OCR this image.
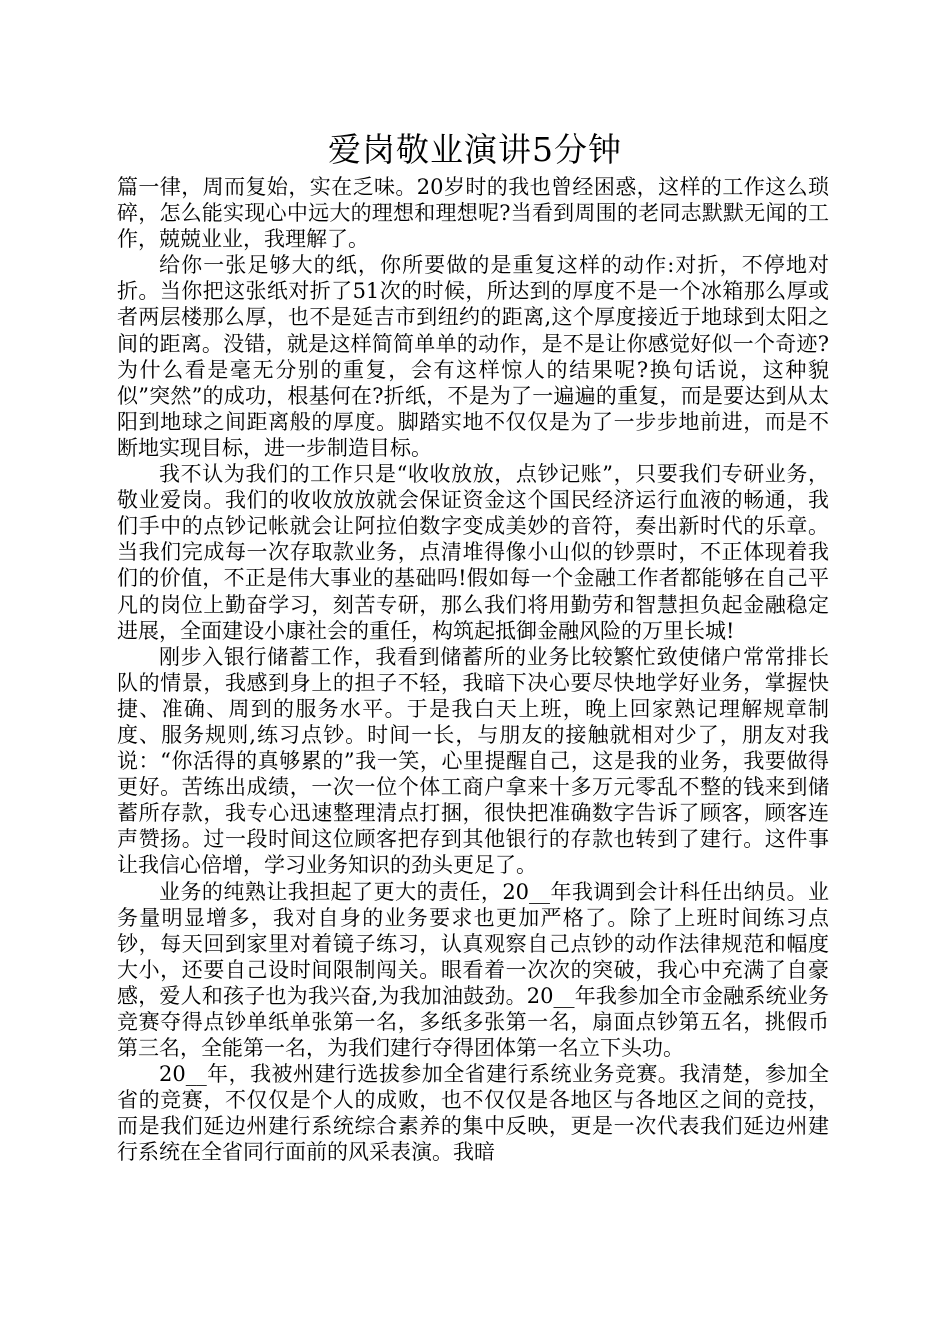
爱岗敬业演讲5分钟

篇一律，周而复始，实在乏味。20岁时的我也曾经困惑，这样的工作这么琐碎，怎么能实现心中远大的理想和理想呢?当看到周围的老同志默默无闻的工作，兢兢业业，我理解了。

给你一张足够大的纸，你所要做的是重复这样的动作:对折，不停地对折。当你把这张纸对折了51次的时候，所达到的厚度不是一个冰箱那么厚或者两层楼那么厚，也不是延吉市到纽约的距离,这个厚度接近于地球到太阳之间的距离。没错，就是这样简简单单的动作，是不是让你感觉好似一个奇迹?为什么看是毫无分别的重复，会有这样惊人的结果呢?换句话说，这种貌似”突然”的成功，根基何在?折纸，不是为了一遍遍的重复，而是要达到从太阳到地球之间距离般的厚度。脚踏实地不仅仅是为了一步步地前进，而是不断地实现目标，进一步制造目标。

我不认为我们的工作只是“收收放放，点钞记账”，只要我们专研业务，敬业爱岗。我们的收收放放就会保证资金这个国民经济运行血液的畅通，我们手中的点钞记帐就会让阿拉伯数字变成美妙的音符，奏出新时代的乐章。当我们完成每一次存取款业务，点清堆得像小山似的钞票时，不正体现着我们的价值，不正是伟大事业的基础吗!假如每一个金融工作者都能够在自己平凡的岗位上勤奋学习，刻苦专研，那么我们将用勤劳和智慧担负起金融稳定进展，全面建设小康社会的重任，构筑起抵御金融风险的万里长城!

刚步入银行储蓄工作，我看到储蓄所的业务比较繁忙致使储户常常排长队的情景，我感到身上的担子不轻，我暗下决心要尽快地学好业务，掌握快捷、准确、周到的服务水平。于是我白天上班，晚上回家熟记理解规章制度、服务规则,练习点钞。时间一长，与朋友的接触就相对少了，朋友对我说：“你活得的真够累的”我一笑，心里提醒自己，这是我的业务，我要做得更好。苦练出成绩，一次一位个体工商户拿来十多万元零乱不整的钱来到储蓄所存款，我专心迅速整理清点打捆，很快把准确数字告诉了顾客，顾客连声赞扬。过一段时间这位顾客把存到其他银行的存款也转到了建行。这件事让我信心倍增，学习业务知识的劲头更足了。

业务的纯熟让我担起了更大的责任，20__年我调到会计科任出纳员。业务量明显增多，我对自身的业务要求也更加严格了。除了上班时间练习点钞，每天回到家里对着镜子练习，认真观察自己点钞的动作法律规范和幅度大小，还要自己设时间限制闯关。眼看着一次次的突破，我心中充满了自豪感，爱人和孩子也为我兴奋,为我加油鼓劲。20__年我参加全市金融系统业务竞赛夺得点钞单纸单张第一名，多纸多张第一名，扇面点钞第五名，挑假币第三名，全能第一名，为我们建行夺得团体第一名立下头功。

20__年，我被州建行选拔参加全省建行系统业务竞赛。我清楚，参加全省的竞赛，不仅仅是个人的成败，也不仅仅是各地区与各地区之间的竞技，而是我们延边州建行系统综合素养的集中反映，更是一次代表我们延边州建行系统在全省同行面前的风采表演。我暗
